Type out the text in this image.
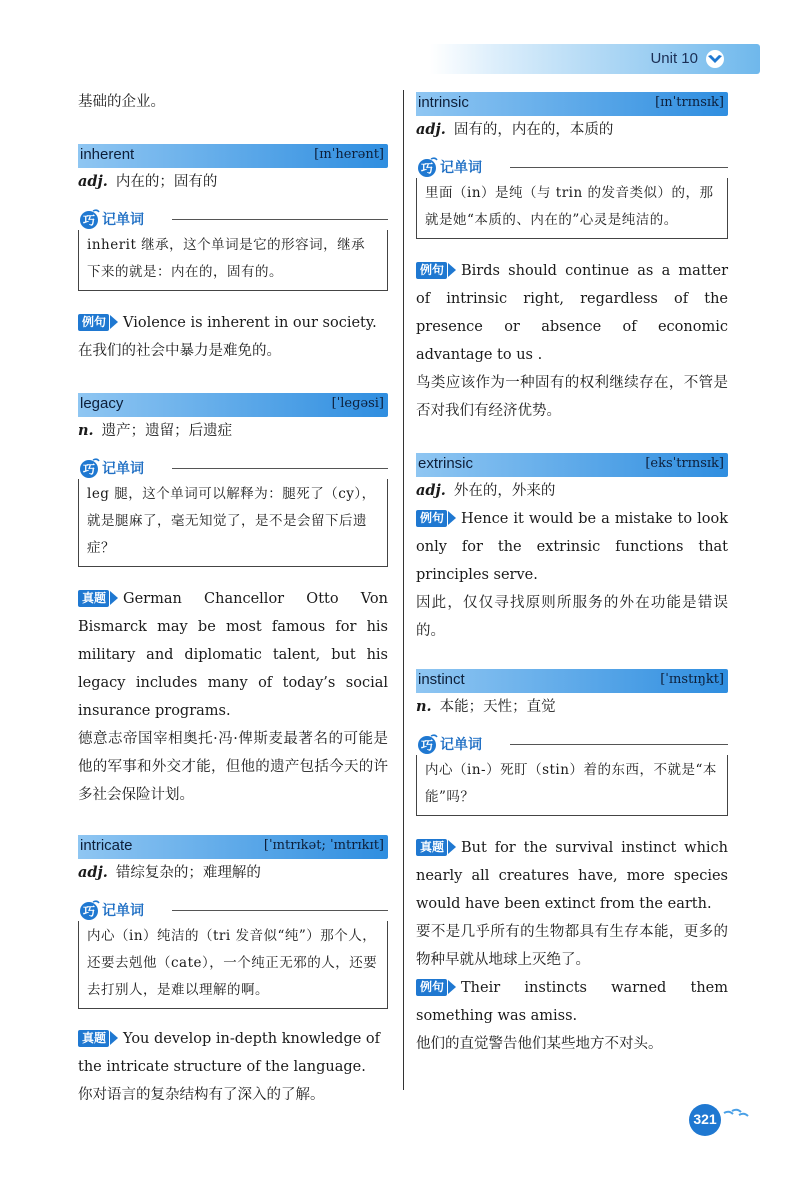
Unit 10
基础的企业。
inherent	[ɪnˈherənt]
adj. 内在的；固有的
巧 记单词
inherit 继承，这个单词是它的形容词，继承下来的就是：内在的，固有的。
例句 Violence is inherent in our society.
在我们的社会中暴力是难免的。
legacy	[ˈleɡəsi]
n. 遗产；遗留；后遗症
巧 记单词
leg 腿，这个单词可以解释为：腿死了（cy），就是腿麻了，毫无知觉了，是不是会留下后遗症？
真题 German Chancellor Otto Von Bismarck may be most famous for his military and diplomatic talent, but his legacy includes many of today’s social insurance programs.
德意志帝国宰相奥托·冯·俾斯麦最著名的可能是他的军事和外交才能，但他的遗产包括今天的许多社会保险计划。
intricate	[ˈɪntrɪkət; ˈɪntrɪkɪt]
adj. 错综复杂的；难理解的
巧 记单词
内心（in）纯洁的（tri 发音似“纯”）那个人，还要去剋他（cate），一个纯正无邪的人，还要去打别人，是难以理解的啊。
真题 You develop in-depth knowledge of the intricate structure of the language.
你对语言的复杂结构有了深入的了解。
intrinsic	[ɪnˈtrɪnsɪk]
adj. 固有的，内在的，本质的
巧 记单词
里面（in）是纯（与 trin 的发音类似）的，那就是她“本质的、内在的”心灵是纯洁的。
例句 Birds should continue as a matter of intrinsic right, regardless of the presence or absence of economic advantage to us .
鸟类应该作为一种固有的权利继续存在，不管是否对我们有经济优势。
extrinsic	[eksˈtrɪnsɪk]
adj. 外在的，外来的
例句 Hence it would be a mistake to look only for the extrinsic functions that principles serve.
因此，仅仅寻找原则所服务的外在功能是错误的。
instinct	[ˈɪnstɪŋkt]
n. 本能；天性；直觉
巧 记单词
内心（in-）死盯（stin）着的东西，不就是“本能”吗？
真题 But for the survival instinct which nearly all creatures have, more species would have been extinct from the earth.
要不是几乎所有的生物都具有生存本能，更多的物种早就从地球上灭绝了。
例句 Their instincts warned them something was amiss.
他们的直觉警告他们某些地方不对头。
321
